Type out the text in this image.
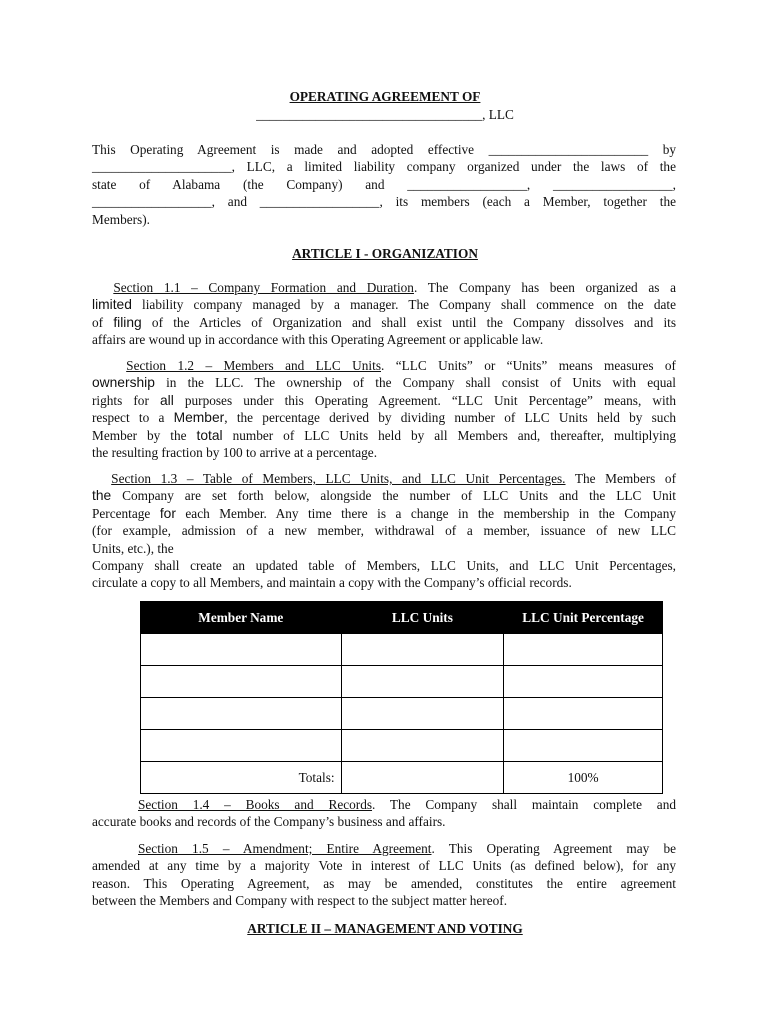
OPERATING AGREEMENT OF
__________________________________, LLC
This Operating Agreement is made and adopted effective ________________________ by
_____________________, LLC, a limited liability company organized under the laws of the
state of Alabama (the Company) and __________________, __________________,
__________________, and __________________, its members (each a Member, together the
Members).
ARTICLE I - ORGANIZATION
Section 1.1 – Company Formation and Duration. The Company has been organized as a
limited liability company managed by a manager. The Company shall commence on the date
of filing of the Articles of Organization and shall exist until the Company dissolves and its
affairs are wound up in accordance with this Operating Agreement or applicable law.
Section 1.2 – Members and LLC Units. “LLC Units” or “Units” means measures of
ownership in the LLC. The ownership of the Company shall consist of Units with equal
rights for all purposes under this Operating Agreement. “LLC Unit Percentage” means, with
respect to a Member, the percentage derived by dividing number of LLC Units held by such
Member by the total number of LLC Units held by all Members and, thereafter, multiplying
the resulting fraction by 100 to arrive at a percentage.
Section 1.3 – Table of Members, LLC Units, and LLC Unit Percentages. The Members of
the Company are set forth below, alongside the number of LLC Units and the LLC Unit
Percentage for each Member. Any time there is a change in the membership in the Company
(for example, admission of a new member, withdrawal of a member, issuance of new LLC
Units, etc.), the
Company shall create an updated table of Members, LLC Units, and LLC Unit Percentages,
circulate a copy to all Members, and maintain a copy with the Company’s official records.
Member Name	LLC Units	LLC Unit Percentage

Totals:		100%
Section 1.4 – Books and Records. The Company shall maintain complete and
accurate books and records of the Company’s business and affairs.
Section 1.5 – Amendment; Entire Agreement. This Operating Agreement may be
amended at any time by a majority Vote in interest of LLC Units (as defined below), for any
reason. This Operating Agreement, as may be amended, constitutes the entire agreement
between the Members and Company with respect to the subject matter hereof.
ARTICLE II – MANAGEMENT AND VOTING
